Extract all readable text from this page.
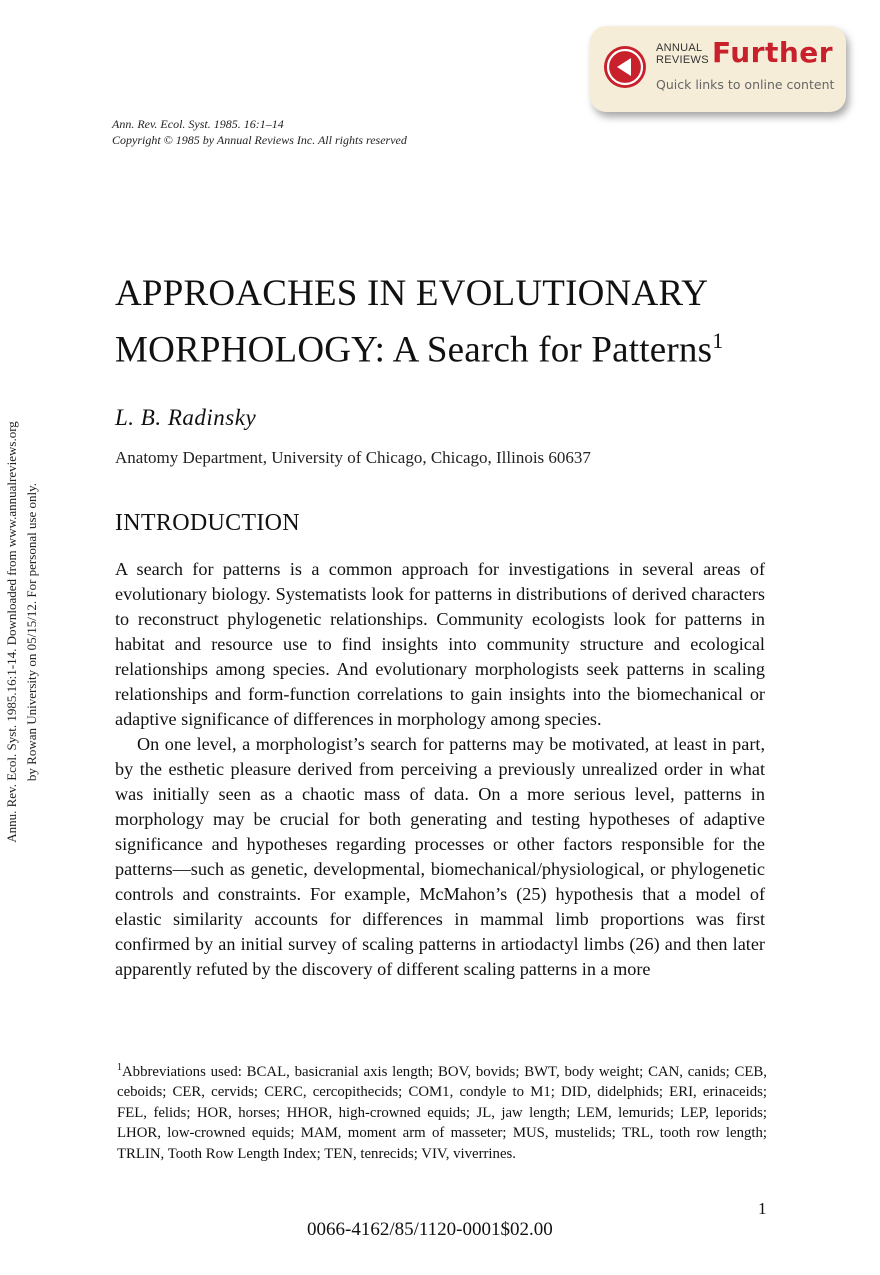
ANNUAL
REVIEWS Further
Quick links to online content
Ann. Rev. Ecol. Syst. 1985. 16:1–14
Copyright © 1985 by Annual Reviews Inc. All rights reserved
Annu. Rev. Ecol. Syst. 1985.16:1-14. Downloaded from www.annualreviews.org by Rowan University on 05/15/12. For personal use only.
APPROACHES IN EVOLUTIONARY
MORPHOLOGY: A Search for Patterns$^1$
L. B. Radinsky
Anatomy Department, University of Chicago, Chicago, Illinois 60637
INTRODUCTION

A search for patterns is a common approach for investigations in several areas of evolutionary biology. Systematists look for patterns in distributions of derived characters to reconstruct phylogenetic relationships. Community ecologists look for patterns in habitat and resource use to find insights into community structure and ecological relationships among species. And evolutionary morphologists seek patterns in scaling relationships and form-function correlations to gain insights into the biomechanical or adaptive significance of differences in morphology among species.

On one level, a morphologist’s search for patterns may be motivated, at least in part, by the esthetic pleasure derived from perceiving a previously unrealized order in what was initially seen as a chaotic mass of data. On a more serious level, patterns in morphology may be crucial for both generating and testing hypotheses of adaptive significance and hypotheses regarding processes or other factors responsible for the patterns—such as genetic, developmental, biomechanical/physiological, or phylogenetic controls and constraints. For example, McMahon’s (25) hypothesis that a model of elastic similarity accounts for differences in mammal limb proportions was first confirmed by an initial survey of scaling patterns in artiodactyl limbs (26) and then later apparently refuted by the discovery of different scaling patterns in a more

$^1$Abbreviations used: BCAL, basicranial axis length; BOV, bovids; BWT, body weight; CAN, canids; CEB, ceboids; CER, cervids; CERC, cercopithecids; COM1, condyle to M1; DID, didelphids; ERI, erinaceids; FEL, felids; HOR, horses; HHOR, high-crowned equids; JL, jaw length; LEM, lemurids; LEP, leporids; LHOR, low-crowned equids; MAM, moment arm of masseter; MUS, mustelids; TRL, tooth row length; TRLIN, Tooth Row Length Index; TEN, tenrecids; VIV, viverrines.
1
0066-4162/85/1120-0001$02.00
